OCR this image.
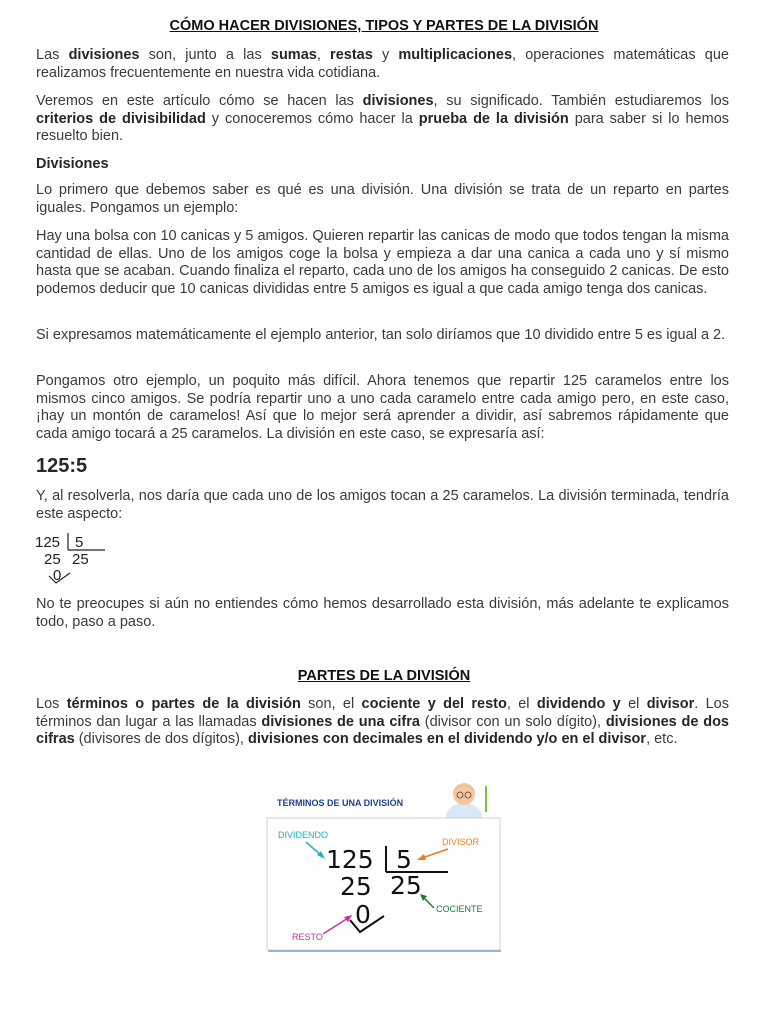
CÓMO HACER DIVISIONES, TIPOS Y PARTES DE LA DIVISIÓN

Las divisiones son, junto a las sumas, restas y multiplicaciones, operaciones matemáticas que realizamos frecuentemente en nuestra vida cotidiana.

Veremos en este artículo cómo se hacen las divisiones, su significado. También estudiaremos los criterios de divisibilidad y conoceremos cómo hacer la prueba de la división para saber si lo hemos resuelto bien.

Divisiones

Lo primero que debemos saber es qué es una división. Una división se trata de un reparto en partes iguales. Pongamos un ejemplo:

Hay una bolsa con 10 canicas y 5 amigos. Quieren repartir las canicas de modo que todos tengan la misma cantidad de ellas. Uno de los amigos coge la bolsa y empieza a dar una canica a cada uno y sí mismo hasta que se acaban. Cuando finaliza el reparto, cada uno de los amigos ha conseguido 2 canicas. De esto podemos deducir que 10 canicas divididas entre 5 amigos es igual a que cada amigo tenga dos canicas.

Si expresamos matemáticamente el ejemplo anterior, tan solo diríamos que 10 dividido entre 5 es igual a 2.

Pongamos otro ejemplo, un poquito más difícil. Ahora tenemos que repartir 125 caramelos entre los mismos cinco amigos. Se podría repartir uno a uno cada caramelo entre cada amigo pero, en este caso, ¡hay un montón de caramelos! Así que lo mejor será aprender a dividir, así sabremos rápidamente que cada amigo tocará a 25 caramelos. La división en este caso, se expresaría así:

125:5

Y, al resolverla, nos daría que cada uno de los amigos tocan a 25 caramelos. La división terminada, tendría este aspecto:

125 5
25 25
0

No te preocupes si aún no entiendes cómo hemos desarrollado esta división, más adelante te explicamos todo, paso a paso.

PARTES DE LA DIVISIÓN

Los términos o partes de la división son, el cociente y del resto, el dividendo y el divisor. Los términos dan lugar a las llamadas divisiones de una cifra (divisor con un solo dígito), divisiones de dos cifras (divisores de dos dígitos), divisiones con decimales en el dividendo y/o en el divisor, etc.

TÉRMINOS DE UNA DIVISIÓN
125 5
25 25
0
DIVIDENDO
DIVISOR
COCIENTE
RESTO
